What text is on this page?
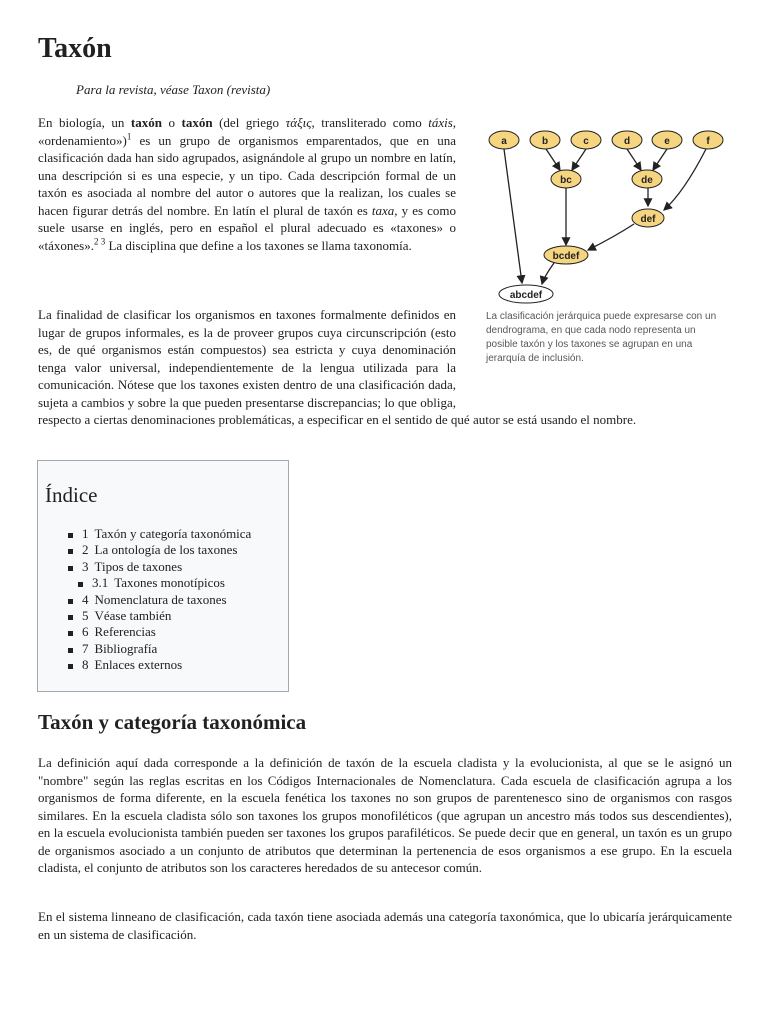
Taxón

Para la revista, véase Taxon (revista)

En biología, un taxón o taxón (del griego τάξις, transliterado como táxis, «ordenamiento»)$^1$ es un grupo de organismos emparentados, que en una clasificación dada han sido agrupados, asignándole al grupo un nombre en latín, una descripción si es una especie, y un tipo. Cada descripción formal de un taxón es asociada al nombre del autor o autores que la realizan, los cuales se hacen figurar detrás del nombre. En latín el plural de taxón es taxa, y es como suele usarse en inglés, pero en español el plural adecuado es «taxones» o «táxones».$^{2 3}$ La disciplina que define a los taxones se llama taxonomía.
La finalidad de clasificar los organismos en taxones formalmente definidos en lugar de grupos informales, es la de proveer grupos cuya circunscripción (esto es, de qué organismos están compuestos) sea estricta y cuya denominación tenga valor universal, independientemente de la lengua utilizada para la comunicación. Nótese que los taxones existen dentro de una clasificación dada, sujeta a cambios y sobre la que pueden presentarse discrepancias; lo que obliga, respecto a ciertas denominaciones problemáticas, a especificar en el sentido de qué autor se está usando el nombre.
a	b	c	d	e	f
bc	de
def
bcdef
abcdef
La clasificación jerárquica puede expresarse con un dendrograma, en que cada nodo representa un posible taxón y los taxones se agrupan en una jerarquía de inclusión.
Índice
1 Taxón y categoría taxonómica
2 La ontología de los taxones
3 Tipos de taxones
3.1 Taxones monotípicos
4 Nomenclatura de taxones
5 Véase también
6 Referencias
7 Bibliografía
8 Enlaces externos
Taxón y categoría taxonómica

La definición aquí dada corresponde a la definición de taxón de la escuela cladista y la evolucionista, al que se le asignó un "nombre" según las reglas escritas en los Códigos Internacionales de Nomenclatura. Cada escuela de clasificación agrupa a los organismos de forma diferente, en la escuela fenética los taxones no son grupos de parentenesco sino de organismos con rasgos similares. En la escuela cladista sólo son taxones los grupos monofiléticos (que agrupan un ancestro más todos sus descendientes), en la escuela evolucionista también pueden ser taxones los grupos parafiléticos. Se puede decir que en general, un taxón es un grupo de organismos asociado a un conjunto de atributos que determinan la pertenencia de esos organismos a ese grupo. En la escuela cladista, el conjunto de atributos son los caracteres heredados de su antecesor común.

En el sistema linneano de clasificación, cada taxón tiene asociada además una categoría taxonómica, que lo ubicaría jerárquicamente en un sistema de clasificación.
